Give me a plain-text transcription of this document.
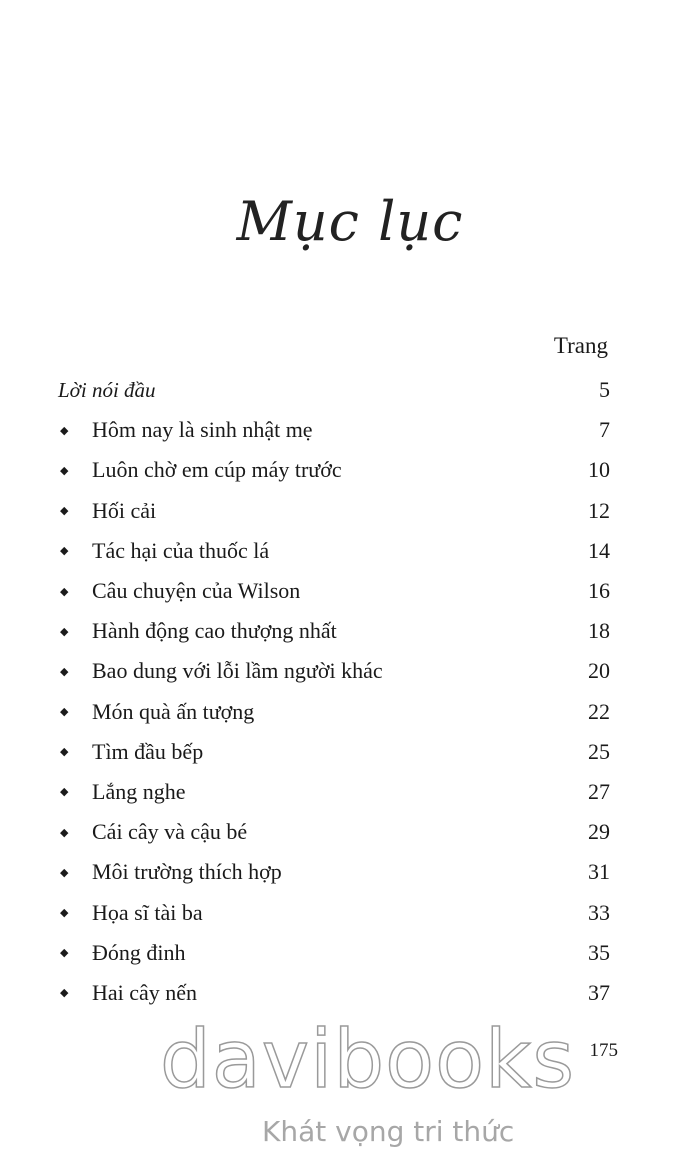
Mục lục
Trang
Lời nói đầu	5
◆	Hôm nay là sinh nhật mẹ	7
◆	Luôn chờ em cúp máy trước	10
◆	Hối cải	12
◆	Tác hại của thuốc lá	14
◆	Câu chuyện của Wilson	16
◆	Hành động cao thượng nhất	18
◆	Bao dung với lỗi lầm người khác	20
◆	Món quà ấn tượng	22
◆	Tìm đầu bếp	25
◆	Lắng nghe	27
◆	Cái cây và cậu bé	29
◆	Môi trường thích hợp	31
◆	Họa sĩ tài ba	33
◆	Đóng đinh	35
◆	Hai cây nến	37
175
davibooks
Khát vọng tri thức
